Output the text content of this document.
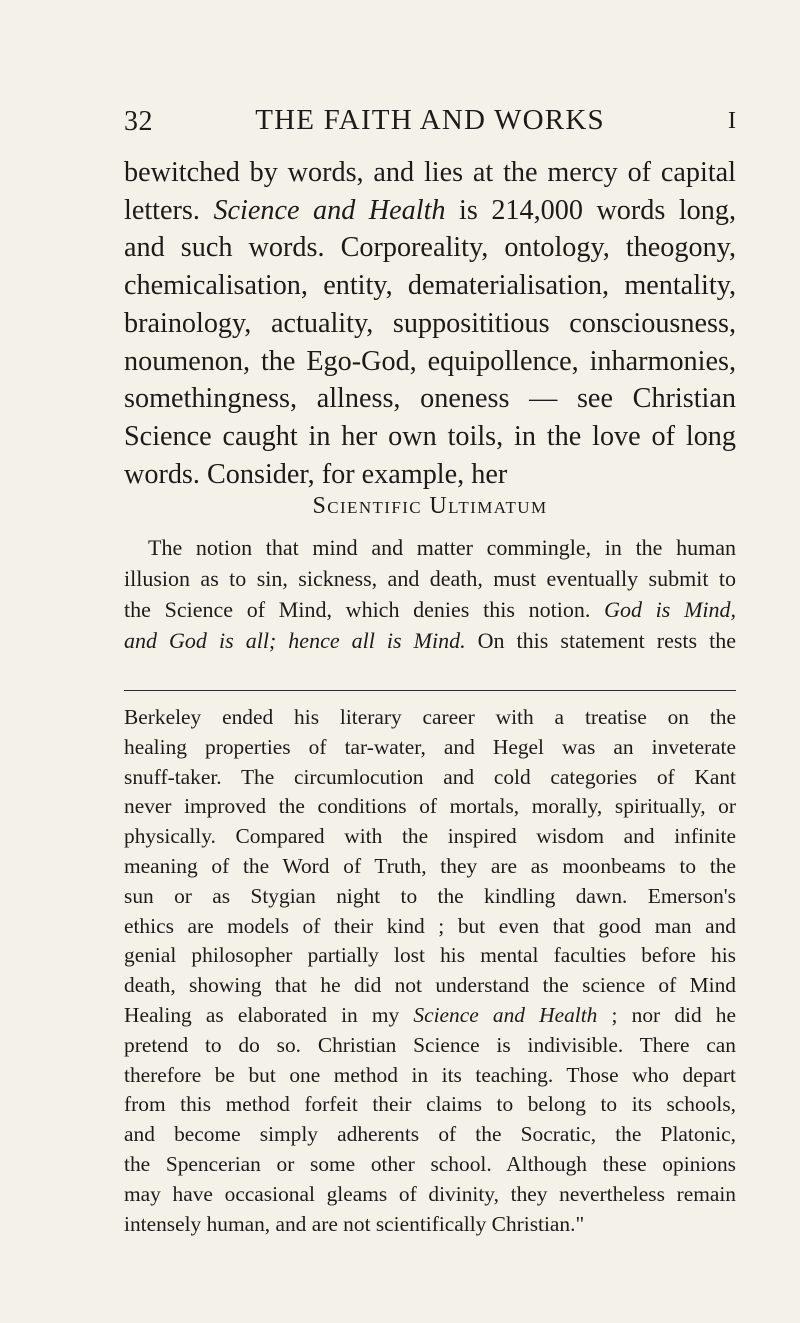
32	THE FAITH AND WORKS	I
bewitched by words, and lies at the mercy of capital
letters. Science and Health is 214,000 words long,
and such words. Corporeality, ontology, theogony,
chemicalisation, entity, dematerialisation, mentality,
brainology, actuality, supposititious consciousness,
noumenon, the Ego-God, equipollence, inharmonies,
somethingness, allness, oneness — see Christian
Science caught in her own toils, in the love of long
words. Consider, for example, her
Scientific Ultimatum
The notion that mind and matter commingle, in the human
illusion as to sin, sickness, and death, must eventually submit to
the Science of Mind, which denies this notion. God is Mind,
and God is all; hence all is Mind. On this statement rests the
Berkeley ended his literary career with a treatise on the
healing properties of tar-water, and Hegel was an inveterate
snuff-taker. The circumlocution and cold categories of Kant
never improved the conditions of mortals, morally, spiritually, or
physically. Compared with the inspired wisdom and infinite
meaning of the Word of Truth, they are as moonbeams to the
sun or as Stygian night to the kindling dawn. Emerson's
ethics are models of their kind ; but even that good man and
genial philosopher partially lost his mental faculties before his
death, showing that he did not understand the science of Mind
Healing as elaborated in my Science and Health ; nor did he
pretend to do so. Christian Science is indivisible. There can
therefore be but one method in its teaching. Those who depart
from this method forfeit their claims to belong to its schools,
and become simply adherents of the Socratic, the Platonic,
the Spencerian or some other school. Although these opinions
may have occasional gleams of divinity, they nevertheless remain
intensely human, and are not scientifically Christian."
